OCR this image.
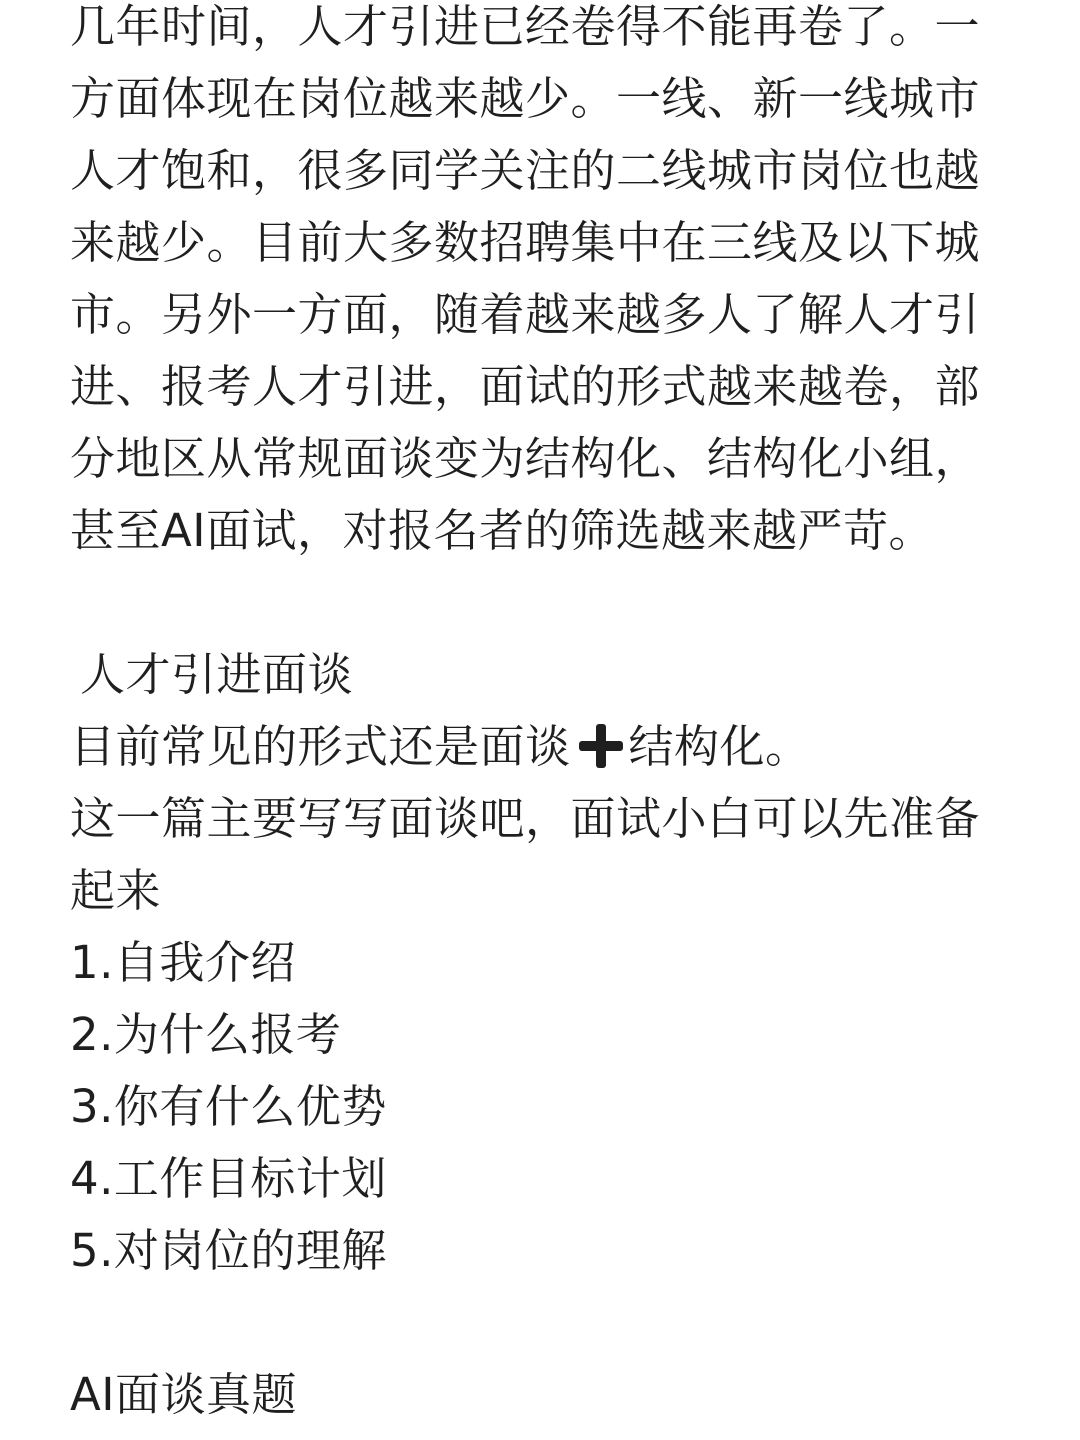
几年时间，人才引进已经卷得不能再卷了。一
方面体现在岗位越来越少。一线、新一线城市
人才饱和，很多同学关注的二线城市岗位也越
来越少。目前大多数招聘集中在三线及以下城
市。另外一方面，随着越来越多人了解人才引
进、报考人才引进，面试的形式越来越卷，部
分地区从常规面谈变为结构化、结构化小组，
甚至AI面试，对报名者的筛选越来越严苛。
人才引进面谈
目前常见的形式还是面谈 结构化。
这一篇主要写写面谈吧，面试小白可以先准备
起来
1.自我介绍
2.为什么报考
3.你有什么优势
4.工作目标计划
5.对岗位的理解
AI面谈真题
